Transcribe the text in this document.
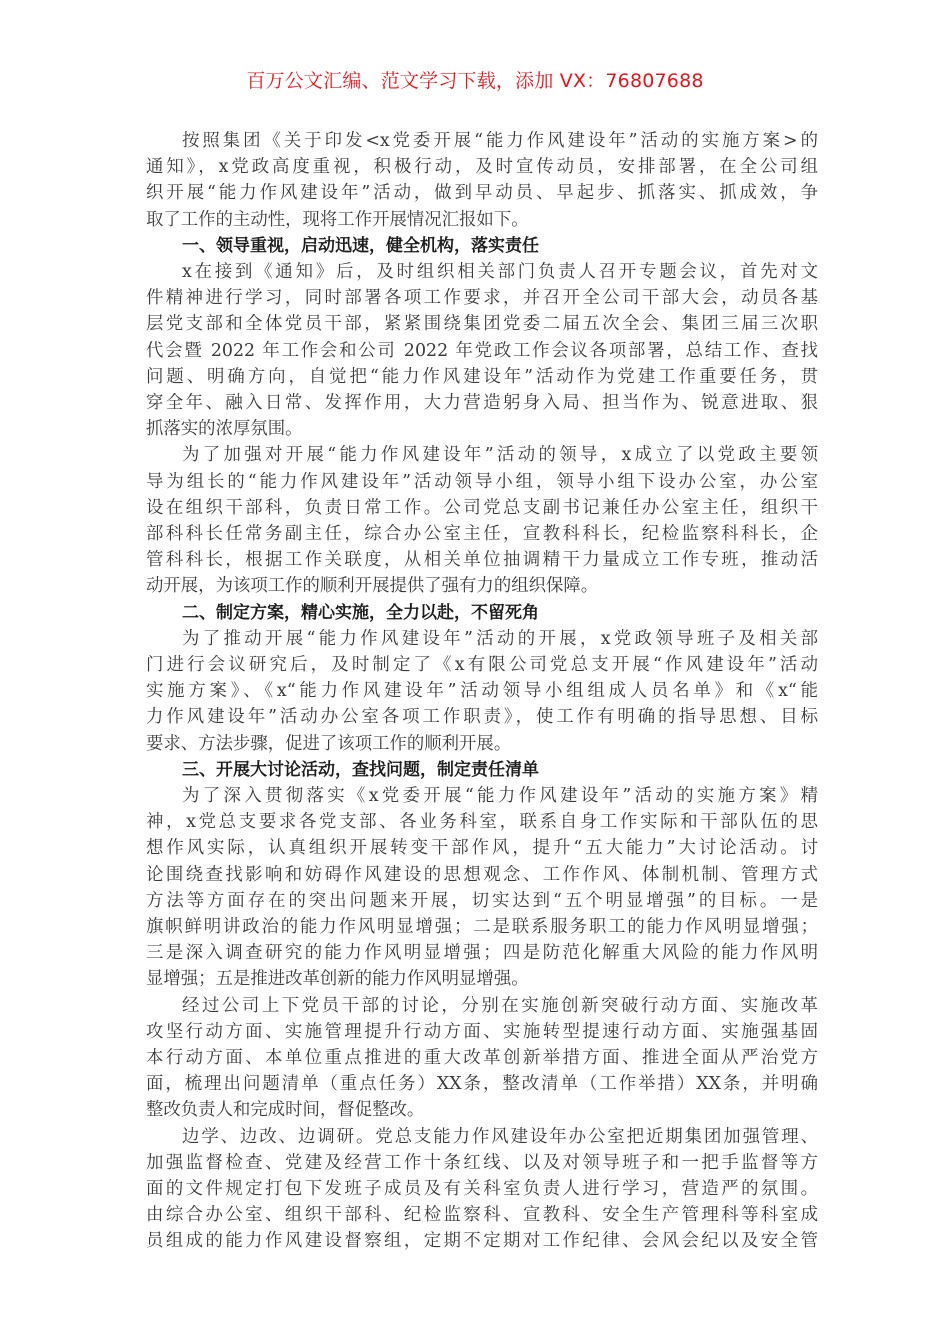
百万公文汇编、范文学习下载，添加 VX：76807688
按照集团《关于印发<x党委开展“能力作风建设年”活动的实施方案>的
通知》，x党政高度重视，积极行动，及时宣传动员，安排部署，在全公司组
织开展“能力作风建设年”活动，做到早动员、早起步、抓落实、抓成效，争
取了工作的主动性，现将工作开展情况汇报如下。
一、领导重视，启动迅速，健全机构，落实责任
x在接到《通知》后，及时组织相关部门负责人召开专题会议，首先对文
件精神进行学习，同时部署各项工作要求，并召开全公司干部大会，动员各基
层党支部和全体党员干部，紧紧围绕集团党委二届五次全会、集团三届三次职
代会暨 2022 年工作会和公司 2022 年党政工作会议各项部署，总结工作、查找
问题、明确方向，自觉把“能力作风建设年”活动作为党建工作重要任务，贯
穿全年、融入日常、发挥作用，大力营造躬身入局、担当作为、锐意进取、狠
抓落实的浓厚氛围。
为了加强对开展“能力作风建设年”活动的领导，x成立了以党政主要领
导为组长的“能力作风建设年”活动领导小组，领导小组下设办公室，办公室
设在组织干部科，负责日常工作。公司党总支副书记兼任办公室主任，组织干
部科科长任常务副主任，综合办公室主任，宣教科科长，纪检监察科科长，企
管科科长，根据工作关联度，从相关单位抽调精干力量成立工作专班，推动活
动开展，为该项工作的顺利开展提供了强有力的组织保障。
二、制定方案，精心实施，全力以赴，不留死角
为了推动开展“能力作风建设年”活动的开展，x党政领导班子及相关部
门进行会议研究后，及时制定了《x有限公司党总支开展“作风建设年”活动
实施方案》、《x“能力作风建设年”活动领导小组组成人员名单》和《x“能
力作风建设年”活动办公室各项工作职责》，使工作有明确的指导思想、目标
要求、方法步骤，促进了该项工作的顺利开展。
三、开展大讨论活动，查找问题，制定责任清单
为了深入贯彻落实《x党委开展“能力作风建设年”活动的实施方案》精
神，x党总支要求各党支部、各业务科室，联系自身工作实际和干部队伍的思
想作风实际，认真组织开展转变干部作风，提升“五大能力”大讨论活动。讨
论围绕查找影响和妨碍作风建设的思想观念、工作作风、体制机制、管理方式
方法等方面存在的突出问题来开展，切实达到“五个明显增强”的目标。一是
旗帜鲜明讲政治的能力作风明显增强；二是联系服务职工的能力作风明显增强；
三是深入调查研究的能力作风明显增强；四是防范化解重大风险的能力作风明
显增强；五是推进改革创新的能力作风明显增强。
经过公司上下党员干部的讨论，分别在实施创新突破行动方面、实施改革
攻坚行动方面、实施管理提升行动方面、实施转型提速行动方面、实施强基固
本行动方面、本单位重点推进的重大改革创新举措方面、推进全面从严治党方
面，梳理出问题清单（重点任务）XX条，整改清单（工作举措）XX条，并明确
整改负责人和完成时间，督促整改。
边学、边改、边调研。党总支能力作风建设年办公室把近期集团加强管理、
加强监督检查、党建及经营工作十条红线、以及对领导班子和一把手监督等方
面的文件规定打包下发班子成员及有关科室负责人进行学习，营造严的氛围。
由综合办公室、组织干部科、纪检监察科、宣教科、安全生产管理科等科室成
员组成的能力作风建设督察组，定期不定期对工作纪律、会风会纪以及安全管
